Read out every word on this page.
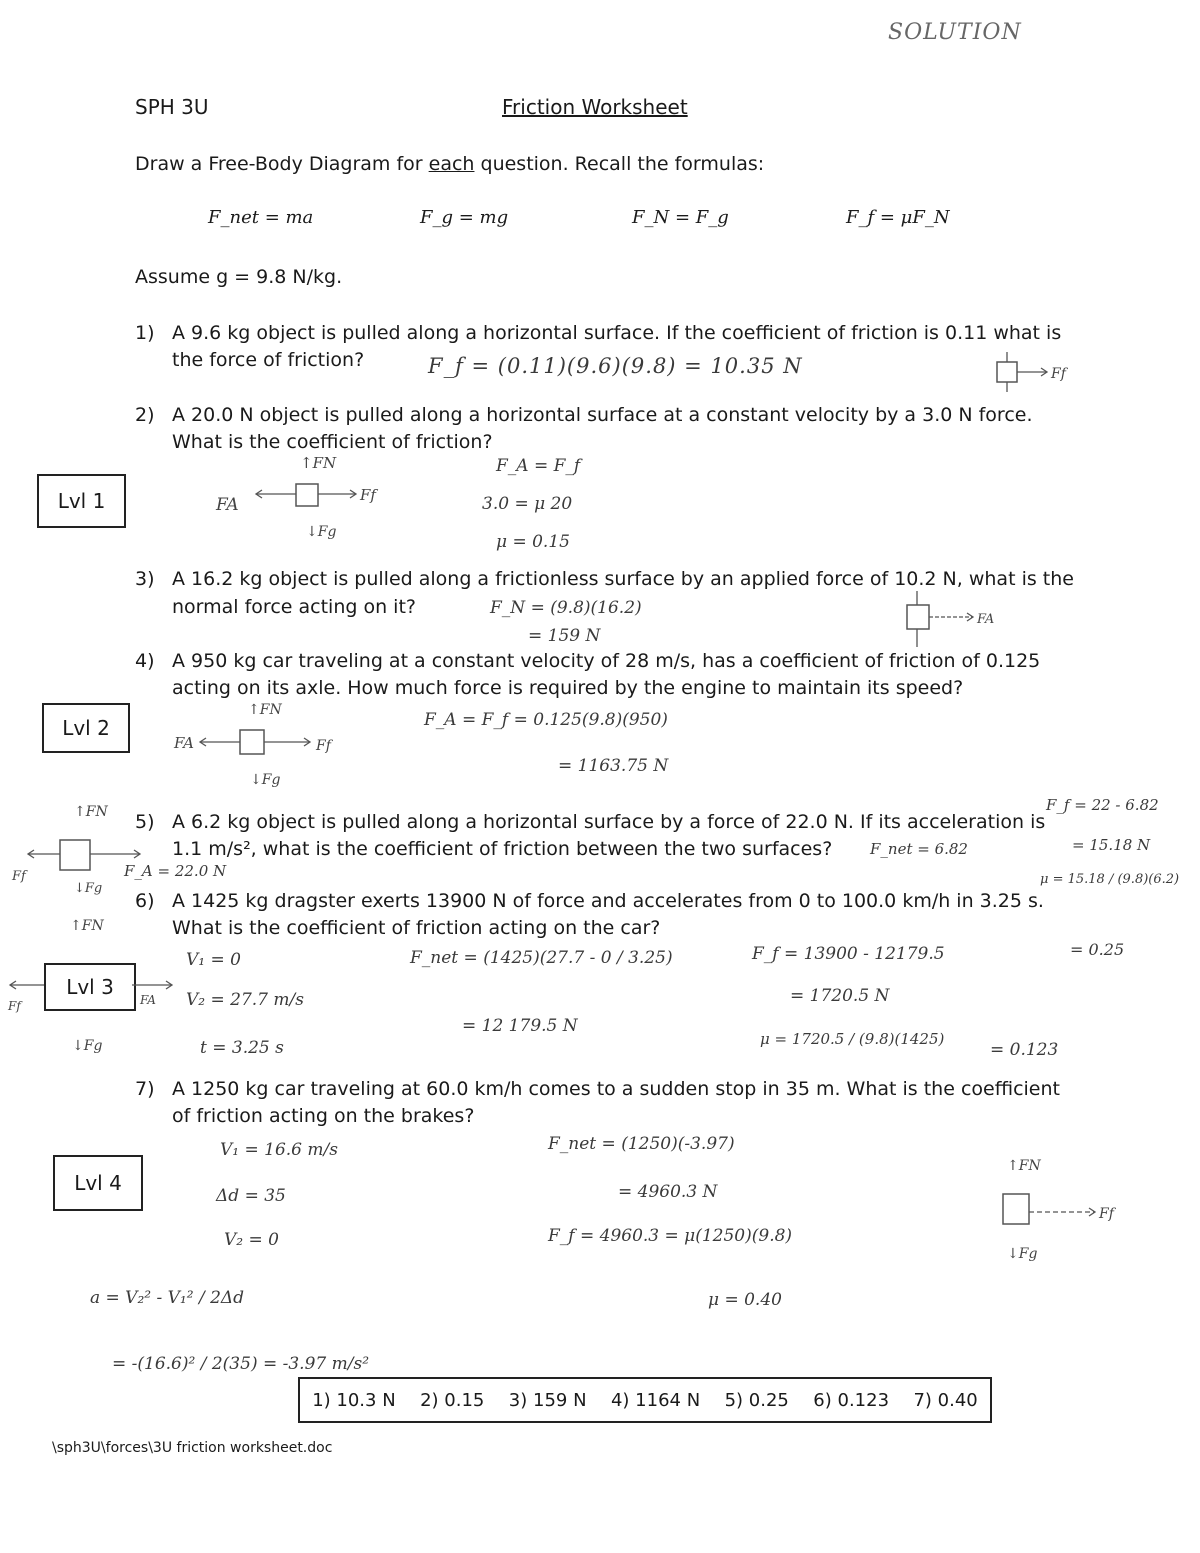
SOLUTION
SPH 3U	Friction Worksheet
Draw a Free-Body Diagram for each question. Recall the formulas:
F_net = ma	F_g = mg	F_N = F_g	F_f = μF_N
Assume g = 9.8 N/kg.
Lvl 1
Lvl 2
Lvl 3
Lvl 4
1) A 9.6 kg object is pulled along a horizontal surface. If the coefficient of friction is 0.11 what is
the force of friction?	F_f = (0.11)(9.6)(9.8) = 10.35 N	Ff
2) A 20.0 N object is pulled along a horizontal surface at a constant velocity by a 3.0 N force.
What is the coefficient of friction?
↑FN
FA	Ff
↓Fg
F_A = F_f
3.0 = μ 20
μ = 0.15
3) A 16.2 kg object is pulled along a frictionless surface by an applied force of 10.2 N, what is the
normal force acting on it?	F_N = (9.8)(16.2)
= 159 N
FA
4) A 950 kg car traveling at a constant velocity of 28 m/s, has a coefficient of friction of 0.125
acting on its axle. How much force is required by the engine to maintain its speed?
↑FN
FA	Ff
↓Fg
F_A = F_f = 0.125(9.8)(950)
= 1163.75 N
5) A 6.2 kg object is pulled along a horizontal surface by a force of 22.0 N. If its acceleration is
1.1 m/s², what is the coefficient of friction between the two surfaces?
↑FN
Ff
↓Fg
F_A = 22.0 N
F_net = 6.82
F_f = 22 - 6.82
= 15.18 N
μ = 15.18 / (9.8)(6.2)
= 0.25
6) A 1425 kg dragster exerts 13900 N of force and accelerates from 0 to 100.0 km/h in 3.25 s.
What is the coefficient of friction acting on the car?
↑FN
Ff	FA
↓Fg
V₁ = 0
V₂ = 27.7 m/s
t = 3.25 s
F_net = (1425)(27.7 - 0 / 3.25)
= 12 179.5 N
F_f = 13900 - 12179.5
= 1720.5 N
μ = 1720.5 / (9.8)(1425)
= 0.123
7) A 1250 kg car traveling at 60.0 km/h comes to a sudden stop in 35 m. What is the coefficient
of friction acting on the brakes?
V₁ = 16.6 m/s
Δd = 35
V₂ = 0
a = V₂² - V₁² / 2Δd
= -(16.6)² / 2(35) = -3.97 m/s²
F_net = (1250)(-3.97)
= 4960.3 N
F_f = 4960.3 = μ(1250)(9.8)
μ = 0.40
↑FN
Ff
↓Fg
1) 10.3 N 2) 0.15 3) 159 N 4) 1164 N 5) 0.25 6) 0.123 7) 0.40
\sph3U\forces\3U friction worksheet.doc
